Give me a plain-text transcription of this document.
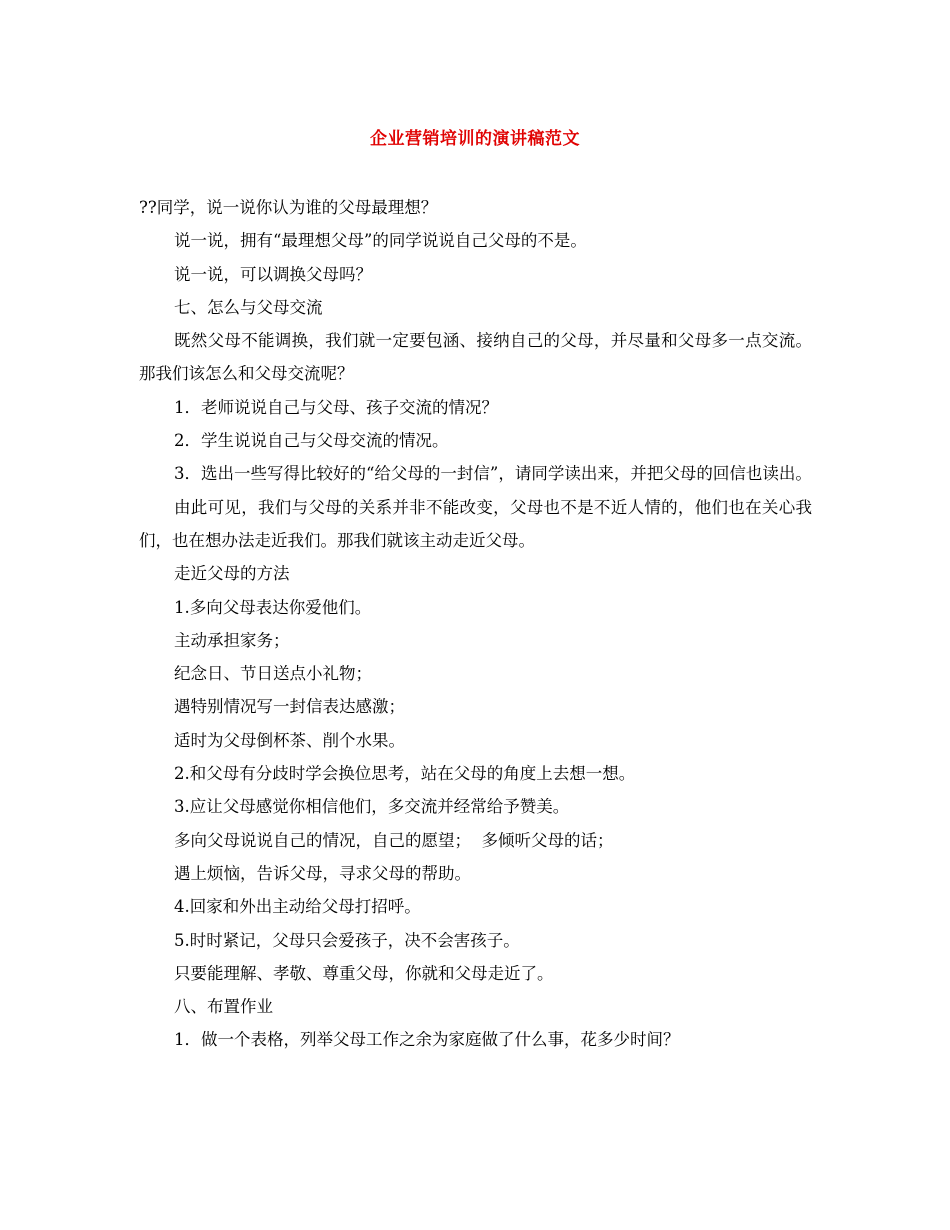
企业营销培训的演讲稿范文

??同学，说一说你认为谁的父母最理想？

说一说，拥有“最理想父母”的同学说说自己父母的不是。

说一说，可以调换父母吗？

七、怎么与父母交流

既然父母不能调换，我们就一定要包涵、接纳自己的父母，并尽量和父母多一点交流。那我们该怎么和父母交流呢？

1．老师说说自己与父母、孩子交流的情况？

2．学生说说自己与父母交流的情况。

3．选出一些写得比较好的“给父母的一封信”，请同学读出来，并把父母的回信也读出。

由此可见，我们与父母的关系并非不能改变，父母也不是不近人情的，他们也在关心我们，也在想办法走近我们。那我们就该主动走近父母。

走近父母的方法

1.多向父母表达你爱他们。

主动承担家务；

纪念日、节日送点小礼物；

遇特别情况写一封信表达感激；

适时为父母倒杯茶、削个水果。

2.和父母有分歧时学会换位思考，站在父母的角度上去想一想。

3.应让父母感觉你相信他们，多交流并经常给予赞美。

多向父母说说自己的情况，自己的愿望；  多倾听父母的话；

遇上烦恼，告诉父母，寻求父母的帮助。

4.回家和外出主动给父母打招呼。

5.时时紧记，父母只会爱孩子，决不会害孩子。

只要能理解、孝敬、尊重父母，你就和父母走近了。

八、布置作业

1．做一个表格，列举父母工作之余为家庭做了什么事，花多少时间？
